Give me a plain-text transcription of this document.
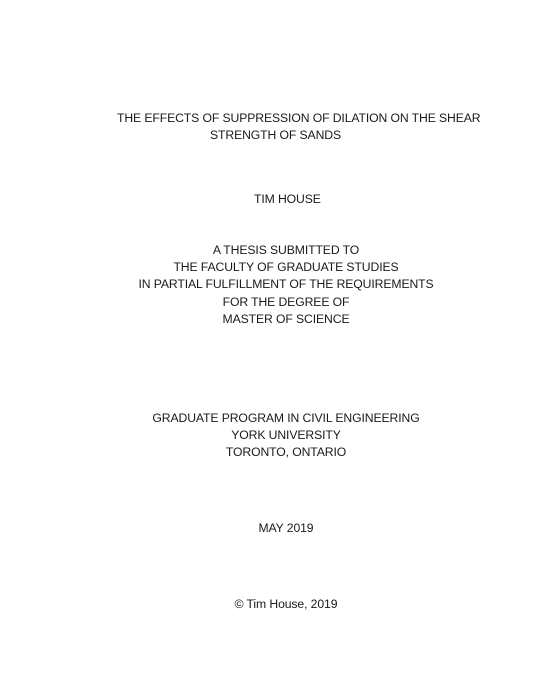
THE EFFECTS OF SUPPRESSION OF DILATION ON THE SHEAR
STRENGTH OF SANDS
TIM HOUSE
A THESIS SUBMITTED TO
THE FACULTY OF GRADUATE STUDIES
IN PARTIAL FULFILLMENT OF THE REQUIREMENTS
FOR THE DEGREE OF
MASTER OF SCIENCE
GRADUATE PROGRAM IN CIVIL ENGINEERING
YORK UNIVERSITY
TORONTO, ONTARIO
MAY 2019
© Tim House, 2019
